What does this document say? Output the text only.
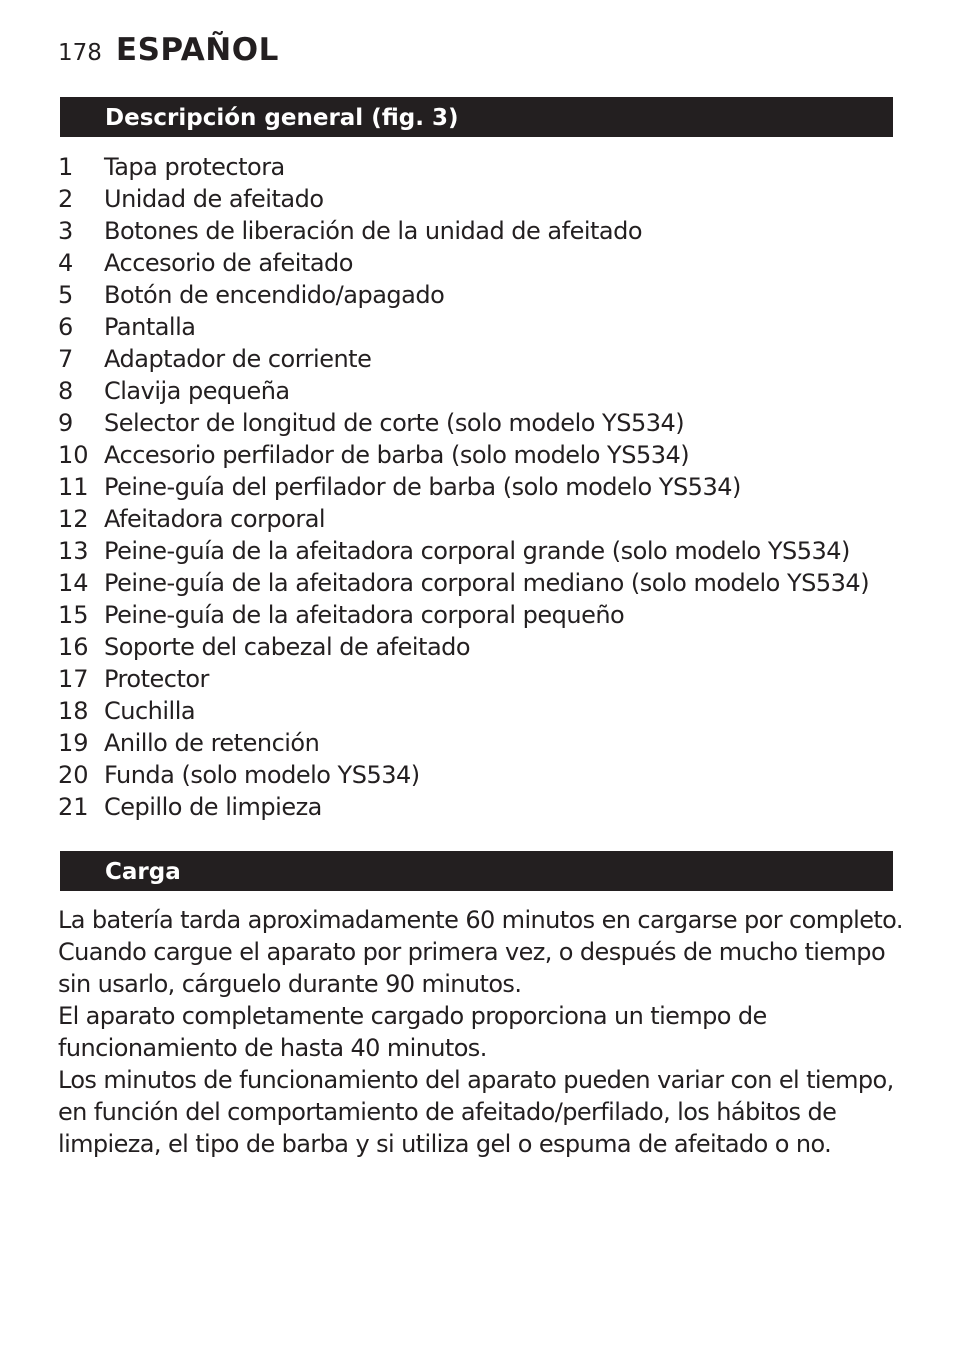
178 ESPAÑOL
Descripción general (fig. 3)
1	Tapa protectora
2	Unidad de afeitado
3	Botones de liberación de la unidad de afeitado
4	Accesorio de afeitado
5	Botón de encendido/apagado
6	Pantalla
7	Adaptador de corriente
8	Clavija pequeña
9	Selector de longitud de corte (solo modelo YS534)
10 Accesorio perfilador de barba (solo modelo YS534)
11 Peine-guía del perfilador de barba (solo modelo YS534)
12 Afeitadora corporal
13 Peine-guía de la afeitadora corporal grande (solo modelo YS534)
14 Peine-guía de la afeitadora corporal mediano (solo modelo YS534)
15 Peine-guía de la afeitadora corporal pequeño
16 Soporte del cabezal de afeitado
17 Protector
18 Cuchilla
19 Anillo de retención
20 Funda (solo modelo YS534)
21 Cepillo de limpieza
Carga

La batería tarda aproximadamente 60 minutos en cargarse por completo. Cuando cargue el aparato por primera vez, o después de mucho tiempo sin usarlo, cárguelo durante 90 minutos.

El aparato completamente cargado proporciona un tiempo de funcionamiento de hasta 40 minutos.

Los minutos de funcionamiento del aparato pueden variar con el tiempo, en función del comportamiento de afeitado/perfilado, los hábitos de limpieza, el tipo de barba y si utiliza gel o espuma de afeitado o no.
